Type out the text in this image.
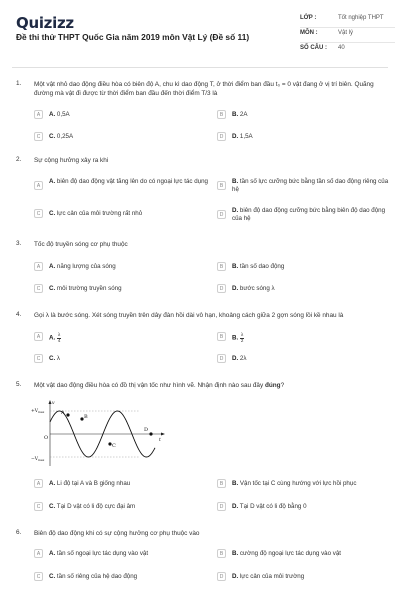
Quizizz
Đề thi thử THPT Quốc Gia năm 2019 môn Vật Lý (Đề số 11)
LỚP :	Tốt nghiệp THPT
MÔN :	Vật lý
SỐ CÂU :	40
1. Một vật nhỏ dao động điều hòa có biên độ A, chu kì dao động T, ở thời điểm ban đầu t₀ = 0 vật đang ở vị trí biên. Quãng đường mà vật đi được từ thời điểm ban đầu đến thời điểm T/3 là
A	A. 0,5A	B	B. 2A
C	C. 0,25A	D	D. 1,5A
2. Sự cộng hưởng xảy ra khi
A
A. biên độ dao động vật tăng lên do có ngoại lực tác dụng
B
B. tần số lực cưỡng bức bằng tần số dao động riêng của hệ
C	C. lực cản của môi trường rất nhỏ	D
D. biên độ dao động cưỡng bức bằng biên độ dao động của hệ
3. Tốc độ truyền sóng cơ phụ thuộc
A	A. năng lượng của sóng	B	B. tần số dao động
C	C. môi trường truyền sóng	D	D. bước sóng λ
4. Gọi λ là bước sóng. Xét sóng truyền trên dây đàn hồi dài vô hạn, khoảng cách giữa 2 gợn sóng lồi kề nhau là
A	A. $\frac{\lambda}{4}$	B	B. $\frac{\lambda}{2}$
C	C. λ	D	D. 2λ
5. Một vật dao động điều hòa có đồ thị vận tốc như hình vẽ. Nhận định nào sau đây đúng?
$+V_{max}$
$-V_{max}$
v
t
O
A
B
C
D
A	A. Li độ tại A và B giống nhau	B	B. Vận tốc tại C cùng hướng với lực hồi phục
C	C. Tại D vật có li độ cực đại âm	D	D. Tại D vật có li độ bằng 0
6. Biên độ dao động khi có sự cộng hưởng cơ phụ thuộc vào
A	A. tần số ngoại lực tác dụng vào vật	B	B. cường độ ngoại lực tác dụng vào vật
C	C. tần số riêng của hệ dao động	D	D. lực cản của môi trường
